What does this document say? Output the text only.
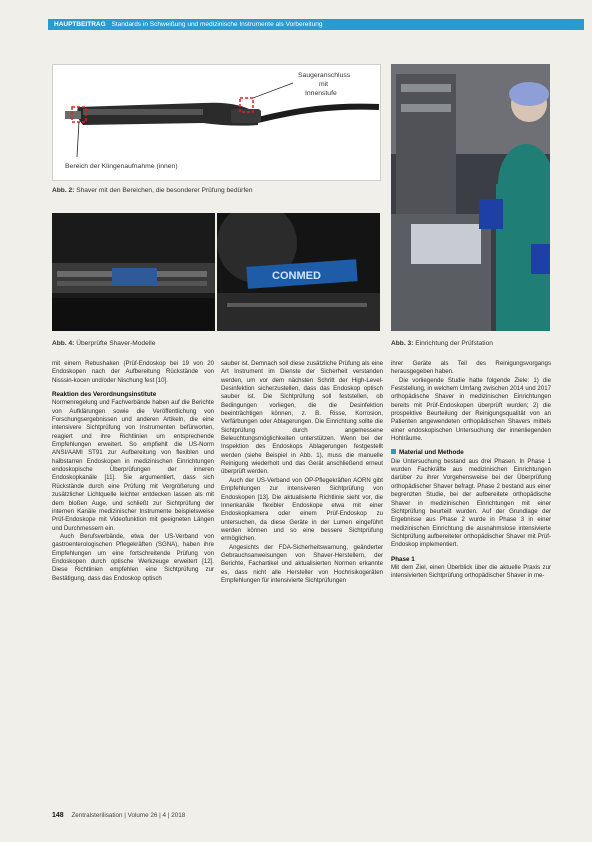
HAUPTBEITRAG Standards in Schweißung und medizinische Instrumente als Vorbereitung
Saugeranschluss
mit
Innenstufe
Bereich der Klingenaufnahme (innen)
Abb. 2: Shaver mit den Bereichen, die besonderer Prüfung bedürfen
CONMED
Abb. 4: Überprüfte Shaver-Modelle	Abb. 3: Einrichtung der Prüfstation

mit einem Rebushaken (Prüf-Endoskop bei 19 von 20 Endoskopen nach der Aufbereitung Rückstände von Nisssin-kocen und/oder Nischung fest [10].

Reaktion des Verordnungsinstitute

Normenregelung und Fachverbände haben auf die Berichte von Aufklärungen sowie die Veröffentlichung von Forschungsergebnissen und anderen Artikeln, die eine intensivere Sichtprüfung von Instrumenten befürworten, reagiert und ihre Richtlinien um entsprechende Empfehlungen erweitert. So empfiehlt die US-Norm ANSI/AAMI ST91 zur Aufbereitung von flexiblen und halbstarren Endoskopen in medizinischen Einrichtungen endoskopische Überprüfungen der inneren Endoskopkanäle [11]. Sie argumentiert, dass sich Rückstände durch eine Prüfung mit Vergrößerung und zusätzlicher Lichtquelle leichter entdecken lassen als mit dem bloßen Auge, und schließt zur Sichtprüfung der internen Kanäle medizinischer Instrumente beispielsweise Prüf-Endoskope mit Videofunktion mit geeigneten Längen und Durchmessern ein.

Auch Berufsverbände, etwa der US-Verband von gastroenterologischen Pflegekräften (SGNA), haben ihre Empfehlungen um eine fortschreitende Prüfung von Endoskopen durch optische Werkzeuge erweitert [12]. Diese Richtlinien empfehlen eine Sichtprüfung zur Bestätigung, dass das Endoskop optisch

sauber ist. Demnach soll diese zusätzliche Prüfung als eine Art Instrument im Dienste der Sicherheit verstanden werden, um vor dem nächsten Schritt der High-Level-Desinfektion sicherzustellen, dass das Endoskop optisch sauber ist. Die Sichtprüfung soll feststellen, ob Bedingungen vorliegen, die die Desinfektion beeinträchtigen können, z. B. Risse, Korrosion, Verfärbungen oder Ablagerungen. Die Einrichtung sollte die Sichtprüfung durch angemessene Beleuchtungsmöglichkeiten unterstützen. Wenn bei der Inspektion des Endoskops Ablagerungen festgestellt werden (siehe Beispiel in Abb. 1), muss die manuelle Reinigung wiederholt und das Gerät anschließend erneut überprüft werden.

Auch der US-Verband von OP-Pflegekräften AORN gibt Empfehlungen zur intensiveren Sichtprüfung von Endoskopen [13]. Die aktualisierte Richtlinie sieht vor, die Innenkanäle flexibler Endoskope etwa mit einer Endoskopkamera oder einem Prüf-Endoskop zu untersuchen, da diese Geräte in der Lumen eingeführt werden können und so eine bessere Sichtprüfung ermöglichen.

Angesichts der FDA-Sicherheitswarnung, geänderter Gebrauchsanweisungen von Shaver-Herstellern, der Berichte, Fachartikel und aktualisierten Normen erkannte es, dass nicht alle Hersteller von Hochrisikogeräten Empfehlungen für intensivierte Sichtprüfungen

ihrer Geräte als Teil des Reinigungsvorgangs herausgegeben haben.

Die vorliegende Studie hatte folgende Ziele: 1) die Feststellung, in welchem Umfang zwischen 2014 und 2017 orthopädische Shaver in medizinischen Einrichtungen bereits mit Prüf-Endoskopen überprüft wurden; 2) die prospektive Beurteilung der Reinigungsqualität von an Patienten angewendeten orthopädischen Shavers mittels einer endoskopischen Untersuchung der innenliegenden Hohlräume.

Material und Methode

Die Untersuchung bestand aus drei Phasen. In Phase 1 wurden Fachkräfte aus medizinischen Einrichtungen darüber zu ihrer Vorgehensweise bei der Überprüfung orthopädischer Shaver befragt. Phase 2 bestand aus einer begrenzten Studie, bei der aufbereitete orthopädische Shaver in medizinischen Einrichtungen mit einer Sichtprüfung beurteilt wurden. Auf der Grundlage der Ergebnisse aus Phase 2 wurde in Phase 3 in einer medizinischen Einrichtung die ausnahmslose intensivierte Sichtprüfung aufbereiteter orthopädischer Shaver mit Prüf-Endoskop implementiert.

Phase 1

Mit dem Ziel, einen Überblick über die aktuelle Praxis zur intensivierten Sichtprüfung orthopädischer Shaver in me-

148 Zentralsterilisation | Volume 26 | 4 | 2018
